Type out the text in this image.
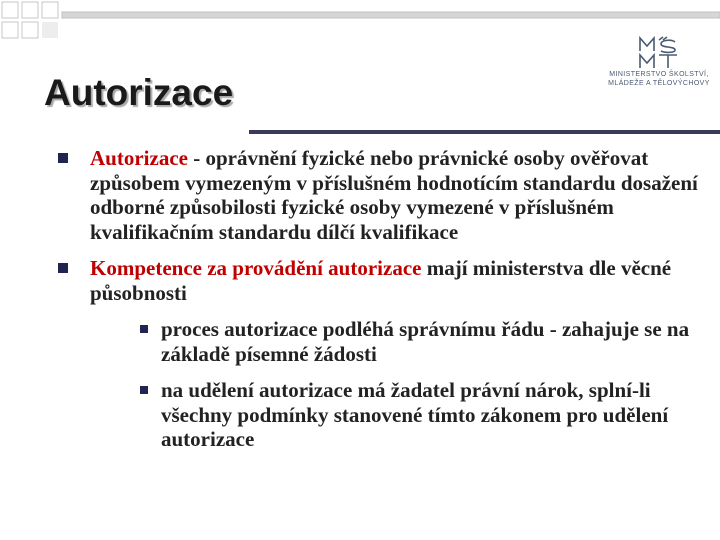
MINISTERSTVO ŠKOLSTVÍ,
MLÁDEŽE A TĚLOVÝCHOVY
Autorizace
Autorizace - oprávnění fyzické nebo právnické osoby ověřovat způsobem vymezeným v příslušném hodnotícím standardu dosažení odborné způsobilosti fyzické osoby vymezené v příslušném kvalifikačním standardu dílčí kvalifikace
Kompetence za provádění autorizace mají ministerstva dle věcné působnosti
proces autorizace podléhá správnímu řádu - zahajuje se na základě písemné žádosti
na udělení autorizace má žadatel právní nárok, splní-li všechny podmínky stanovené tímto zákonem pro udělení autorizace
